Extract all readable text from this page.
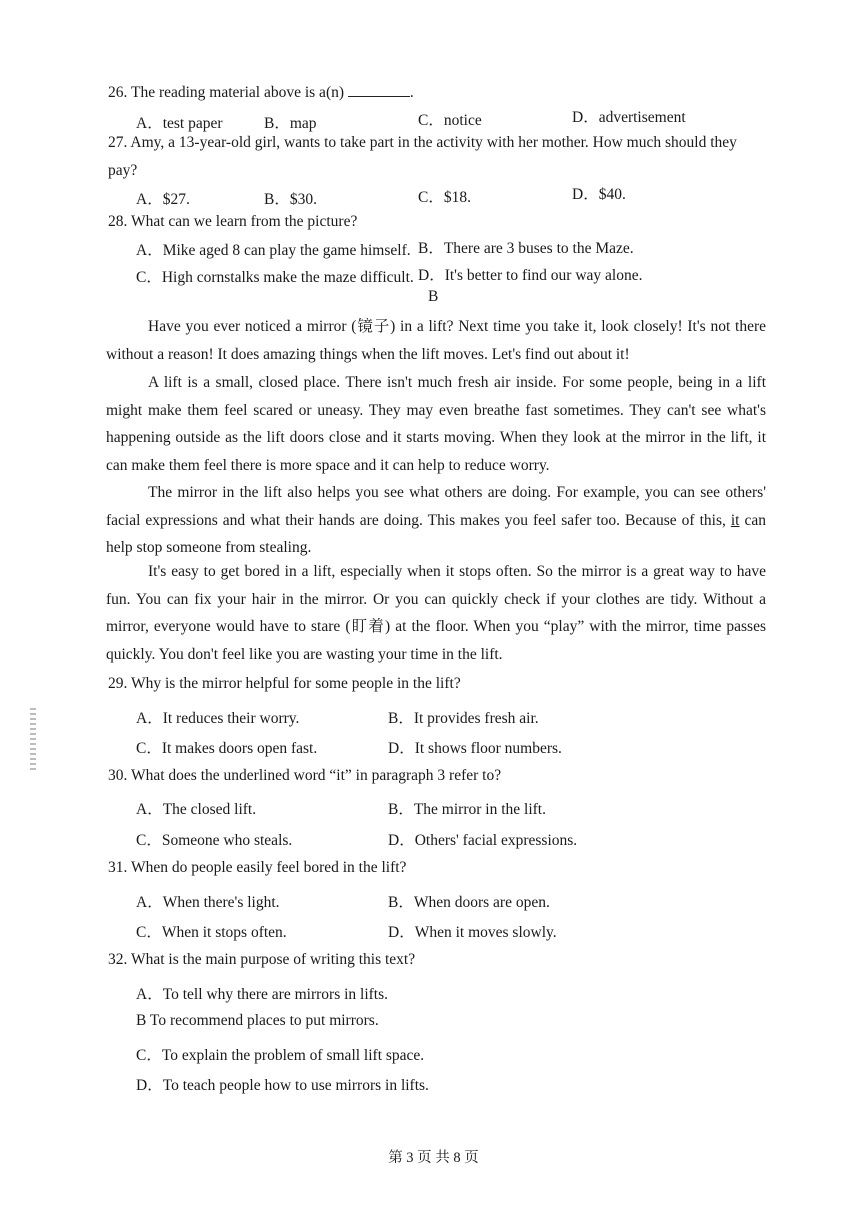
26. The reading material above is a(n)	.
A．test paper	B．map	C．notice	D．advertisement
27. Amy, a 13-year-old girl, wants to take part in the activity with her mother. How much should they
pay?
A．$27.	B．$30.	C．$18.	D．$40.
28. What can we learn from the picture?
A．Mike aged 8 can play the game himself. B．There are 3 buses to the Maze.
C．High cornstalks make the maze difficult. D．It's better to find our way alone.
B
Have you ever noticed a mirror (镜子) in a lift? Next time you take it, look closely! It's not there without a reason! It does amazing things when the lift moves. Let's find out about it!
A lift is a small, closed place. There isn't much fresh air inside. For some people, being in a lift might make them feel scared or uneasy. They may even breathe fast sometimes. They can't see what's happening outside as the lift doors close and it starts moving. When they look at the mirror in the lift, it can make them feel there is more space and it can help to reduce worry.
The mirror in the lift also helps you see what others are doing. For example, you can see others' facial expressions and what their hands are doing. This makes you feel safer too. Because of this, it can help stop someone from stealing.
It's easy to get bored in a lift, especially when it stops often. So the mirror is a great way to have fun. You can fix your hair in the mirror. Or you can quickly check if your clothes are tidy. Without a mirror, everyone would have to stare (盯着) at the floor. When you “play” with the mirror, time passes quickly. You don't feel like you are wasting your time in the lift.
29. Why is the mirror helpful for some people in the lift?
A．It reduces their worry.	B．It provides fresh air.
C．It makes doors open fast.	D．It shows floor numbers.
30. What does the underlined word “it” in paragraph 3 refer to?
A．The closed lift.	B．The mirror in the lift.
C．Someone who steals.	D．Others' facial expressions.
31. When do people easily feel bored in the lift?
A．When there's light.	B．When doors are open.
C．When it stops often.	D．When it moves slowly.
32. What is the main purpose of writing this text?
A．To tell why there are mirrors in lifts.
B To recommend places to put mirrors.
C．To explain the problem of small lift space.
D．To teach people how to use mirrors in lifts.
第 3 页 共 8 页
